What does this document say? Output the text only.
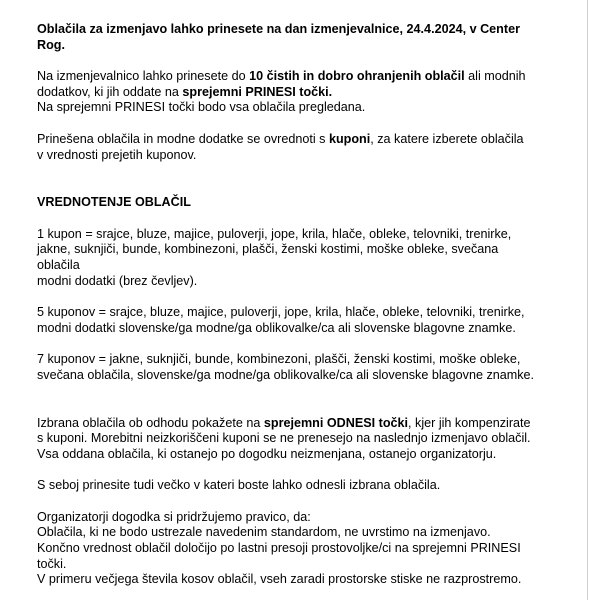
Oblačila za izmenjavo lahko prinesete na dan izmenjevalnice, 24.4.2024, v Center

Rog.

Na izmenjevalnico lahko prinesete do 10 čistih in dobro ohranjenih oblačil ali modnih

dodatkov, ki jih oddate na sprejemni PRINESI točki.

Na sprejemni PRINESI točki bodo vsa oblačila pregledana.

Prinešena oblačila in modne dodatke se ovrednoti s kuponi, za katere izberete oblačila

v vrednosti prejetih kuponov.

VREDNOTENJE OBLAČIL

1 kupon = srajce, bluze, majice, puloverji, jope, krila, hlače, obleke, telovniki, trenirke,

jakne, suknjiči, bunde, kombinezoni, plašči, ženski kostimi, moške obleke, svečana

oblačila

modni dodatki (brez čevljev).

5 kuponov = srajce, bluze, majice, puloverji, jope, krila, hlače, obleke, telovniki, trenirke,

modni dodatki slovenske/ga modne/ga oblikovalke/ca ali slovenske blagovne znamke.

7 kuponov = jakne, suknjiči, bunde, kombinezoni, plašči, ženski kostimi, moške obleke,

svečana oblačila, slovenske/ga modne/ga oblikovalke/ca ali slovenske blagovne znamke.

Izbrana oblačila ob odhodu pokažete na sprejemni ODNESI točki, kjer jih kompenzirate

s kuponi. Morebitni neizkoriščeni kuponi se ne prenesejo na naslednjo izmenjavo oblačil.

Vsa oddana oblačila, ki ostanejo po dogodku neizmenjana, ostanejo organizatorju.

S seboj prinesite tudi večko v kateri boste lahko odnesli izbrana oblačila.

Organizatorji dogodka si pridržujemo pravico, da:

Oblačila, ki ne bodo ustrezale navedenim standardom, ne uvrstimo na izmenjavo.

Končno vrednost oblačil določijo po lastni presoji prostovoljke/ci na sprejemni PRINESI

točki.

V primeru večjega števila kosov oblačil, vseh zaradi prostorske stiske ne razprostremo.
